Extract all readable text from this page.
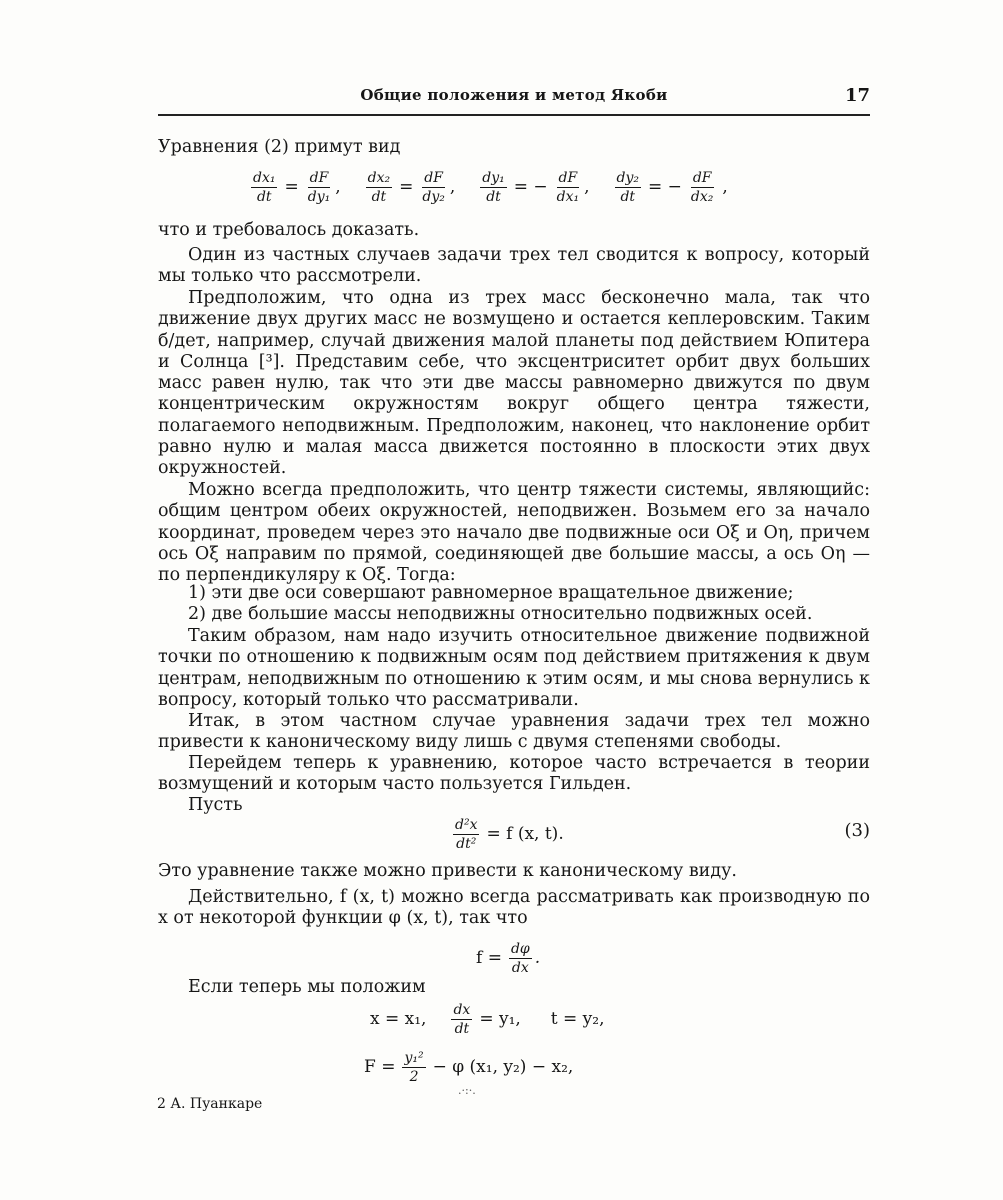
Общие положения и метод Якоби	17

Уравнения (2) примут вид

$\frac{\text{dx₁}}{dt} = \frac{dF}{\text{dy₁}}$ , $\frac{\text{dx₂}}{dt} = \frac{dF}{\text{dy₂}}$ , $\frac{\text{dy₁}}{dt}$ = − $\frac{dF}{\text{dx₁}}$ , $\frac{\text{dy₂}}{dt}$ = − $\frac{dF}{\text{dx₂}}$ ,

что и требовалось доказать.

Один из частных случаев задачи трех тел сводится к вопросу, который мы только что рассмотрели.

Предположим, что одна из трех масс бесконечно мала, так что движение двух других масс не возмущено и остается кеплеровским. Таким б/дет, например, случай движения малой планеты под действием Юпитера и Солнца [³]. Представим себе, что эксцентриситет орбит двух больших масс равен нулю, так что эти две массы равномерно движутся по двум концентрическим окружностям вокруг общего центра тяжести, полагаемого неподвижным. Предположим, наконец, что наклонение орбит равно нулю и малая масса движется постоянно в плоскости этих двух окружностей.

Можно всегда предположить, что центр тяжести системы, являющийс: общим центром обеих окружностей, неподвижен. Возьмем его за начало координат, проведем через это начало две подвижные оси Oξ и Oη, причем ось Oξ направим по прямой, соединяющей две большие массы, а ось Oη — по перпендикуляру к Oξ. Тогда:

1) эти две оси совершают равномерное вращательное движение;

2) две большие массы неподвижны относительно подвижных осей.

Таким образом, нам надо изучить относительное движение подвижной точки по отношению к подвижным осям под действием притяжения к двум центрам, неподвижным по отношению к этим осям, и мы снова вернулись к вопросу, который только что рассматривали.

Итак, в этом частном случае уравнения задачи трех тел можно привести к каноническому виду лишь с двумя степенями свободы.

Перейдем теперь к уравнению, которое часто встречается в теории возмущений и которым часто пользуется Гильден.

Пусть

$\frac{\text{d²x}}{\text{dt²}} = f$ (x, t).	(3)

Это уравнение также можно привести к каноническому виду.

Действительно, f (x, t) можно всегда рассматривать как производную по x от некоторой функции φ (x, t), так что

$f = \frac{d\varphi}{dx}$ .

Если теперь мы положим

x = x₁, $\frac{dx}{dt} = y_1$, t = y₂,
$F = \frac{\text{y₁²}}{2} - \varphi$ (x₁, y₂) − x₂,
2 А. Пуанкаре
.·:·.
